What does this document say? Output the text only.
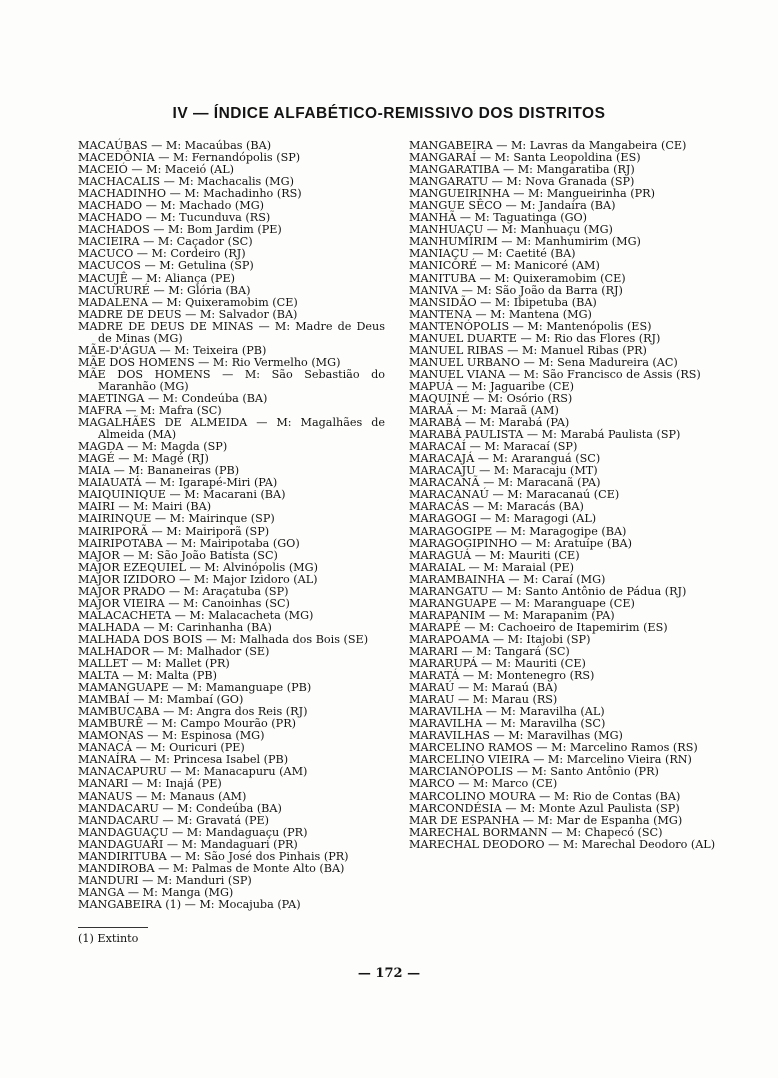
IV — ÍNDICE ALFABÉTICO-REMISSIVO DOS DISTRITOS
MACAÚBAS — M: Macaúbas (BA)
MACEDÔNIA — M: Fernandópolis (SP)
MACEIÓ — M: Maceió (AL)
MACHACALIS — M: Machacalis (MG)
MACHADINHO — M: Machadinho (RS)
MACHADO — M: Machado (MG)
MACHADO — M: Tucunduva (RS)
MACHADOS — M: Bom Jardim (PE)
MACIEIRA — M: Caçador (SC)
MACUCO — M: Cordeiro (RJ)
MACUCOS — M: Getulina (SP)
MACUJÊ — M: Aliança (PE)
MACURURÉ — M: Glória (BA)
MADALENA — M: Quixeramobim (CE)
MADRE DE DEUS — M: Salvador (BA)
MADRE DE DEUS DE MINAS — M: Madre de Deus de Minas (MG)
MÃE-D'ÁGUA — M: Teixeira (PB)
MÃE DOS HOMENS — M: Rio Vermelho (MG)
MÃE DOS HOMENS — M: São Sebastião do Maranhão (MG)
MAETINGA — M: Condeúba (BA)
MAFRA — M: Mafra (SC)
MAGALHÃES DE ALMEIDA — M: Magalhães de Almeida (MA)
MAGDA — M: Magda (SP)
MAGÉ — M: Magé (RJ)
MAIA — M: Bananeiras (PB)
MAIAUATÁ — M: Igarapé-Miri (PA)
MAIQUINIQUE — M: Macarani (BA)
MAIRI — M: Mairi (BA)
MAIRINQUE — M: Mairinque (SP)
MAIRIPORÃ — M: Mairiporã (SP)
MAIRIPOTABA — M: Mairipotaba (GO)
MAJOR — M: São João Batista (SC)
MAJOR EZEQUIEL — M: Alvinópolis (MG)
MAJOR IZIDORO — M: Major Izidoro (AL)
MAJOR PRADO — M: Araçatuba (SP)
MAJOR VIEIRA — M: Canoinhas (SC)
MALACACHETA — M: Malacacheta (MG)
MALHADA — M: Carinhanha (BA)
MALHADA DOS BOIS — M: Malhada dos Bois (SE)
MALHADOR — M: Malhador (SE)
MALLET — M: Mallet (PR)
MALTA — M: Malta (PB)
MAMANGUAPE — M: Mamanguape (PB)
MAMBAÍ — M: Mambaí (GO)
MAMBUCABA — M: Angra dos Reis (RJ)
MAMBURÊ — M: Campo Mourão (PR)
MAMONAS — M: Espinosa (MG)
MANACÁ — M: Ouricuri (PE)
MANAÍRA — M: Princesa Isabel (PB)
MANACAPURU — M: Manacapuru (AM)
MANARI — M: Inajá (PE)
MANAUS — M: Manaus (AM)
MANDACARU — M: Condeúba (BA)
MANDACARU — M: Gravatá (PE)
MANDAGUAÇU — M: Mandaguaçu (PR)
MANDAGUARI — M: Mandaguari (PR)
MANDIRITUBA — M: São José dos Pinhais (PR)
MANDIROBA — M: Palmas de Monte Alto (BA)
MANDURI — M: Manduri (SP)
MANGA — M: Manga (MG)
MANGABEIRA (1) — M: Mocajuba (PA)
MANGABEIRA — M: Lavras da Mangabeira (CE)
MANGARAÍ — M: Santa Leopoldina (ES)
MANGARATIBA — M: Mangaratiba (RJ)
MANGARATU — M: Nova Granada (SP)
MANGUEIRINHA — M: Mangueirinha (PR)
MANGUE SÊCO — M: Jandaíra (BA)
MANHÃ — M: Taguatinga (GO)
MANHUAÇU — M: Manhuaçu (MG)
MANHUMIRIM — M: Manhumirim (MG)
MANIAÇU — M: Caetité (BA)
MANICORÉ — M: Manicoré (AM)
MANITUBA — M: Quixeramobim (CE)
MANIVA — M: São João da Barra (RJ)
MANSIDÃO — M: Ibipetuba (BA)
MANTENA — M: Mantena (MG)
MANTENÓPOLIS — M: Mantenópolis (ES)
MANUEL DUARTE — M: Rio das Flores (RJ)
MANUEL RIBAS — M: Manuel Ribas (PR)
MANUEL URBANO — M: Sena Madureira (AC)
MANUEL VIANA — M: São Francisco de Assis (RS)
MAPUÁ — M: Jaguaribe (CE)
MAQUINÉ — M: Osório (RS)
MARAÃ — M: Maraã (AM)
MARABÁ — M: Marabá (PA)
MARABÁ PAULISTA — M: Marabá Paulista (SP)
MARACAÍ — M: Maracaí (SP)
MARACAJÁ — M: Araranguá (SC)
MARACAJU — M: Maracaju (MT)
MARACANÃ — M: Maracanã (PA)
MARACANAÚ — M: Maracanaú (CE)
MARACÁS — M: Maracás (BA)
MARAGOGI — M: Maragogi (AL)
MARAGOGIPE — M: Maragogipe (BA)
MARAGOGIPINHO — M: Aratuípe (BA)
MARAGUÁ — M: Mauriti (CE)
MARAIAL — M: Maraial (PE)
MARAMBAINHA — M: Caraí (MG)
MARANGATU — M: Santo Antônio de Pádua (RJ)
MARANGUAPE — M: Maranguape (CE)
MARAPANIM — M: Marapanim (PA)
MARAPÉ — M: Cachoeiro de Itapemirim (ES)
MARAPOAMA — M: Itajobi (SP)
MARARI — M: Tangará (SC)
MARARUPÁ — M: Mauriti (CE)
MARATÁ — M: Montenegro (RS)
MARAÚ — M: Maraú (BA)
MARAU — M: Marau (RS)
MARAVILHA — M: Maravilha (AL)
MARAVILHA — M: Maravilha (SC)
MARAVILHAS — M: Maravilhas (MG)
MARCELINO RAMOS — M: Marcelino Ramos (RS)
MARCELINO VIEIRA — M: Marcelino Vieira (RN)
MARCIANÓPOLIS — M: Santo Antônio (PR)
MARCO — M: Marco (CE)
MARCOLINO MOURA — M: Rio de Contas (BA)
MARCONDÉSIA — M: Monte Azul Paulista (SP)
MAR DE ESPANHA — M: Mar de Espanha (MG)
MARECHAL BORMANN — M: Chapecó (SC)
MARECHAL DEODORO — M: Marechal Deodoro (AL)

(1) Extinto

— 172 —
